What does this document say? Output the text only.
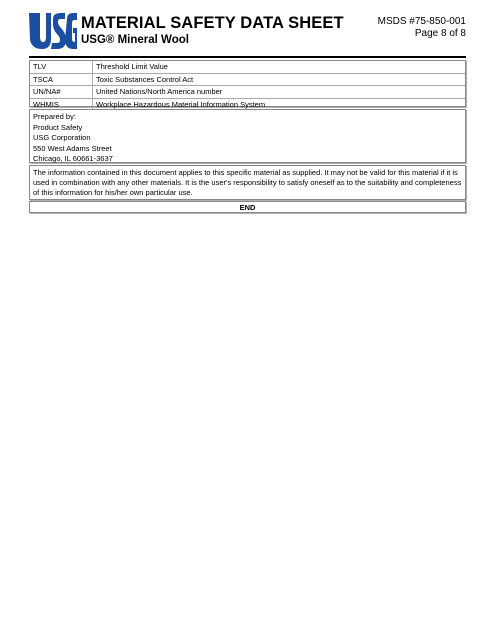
USG
MATERIAL SAFETY DATA SHEET
USG® Mineral Wool
MSDS #75-850-001
Page 8 of 8
TLV	Threshold Limit Value
TSCA	Toxic Substances Control Act
UN/NA#	United Nations/North America number
WHMIS	Workplace Hazardous Material Information System
Prepared by:
Product Safety
USG Corporation
550 West Adams Street
Chicago, IL 60661-3637
The information contained in this document applies to this specific material as supplied. It may not be valid for this material if it is used in combination with any other materials. It is the user's responsibility to satisfy oneself as to the suitability and completeness of this information for his/her own particular use.
END
